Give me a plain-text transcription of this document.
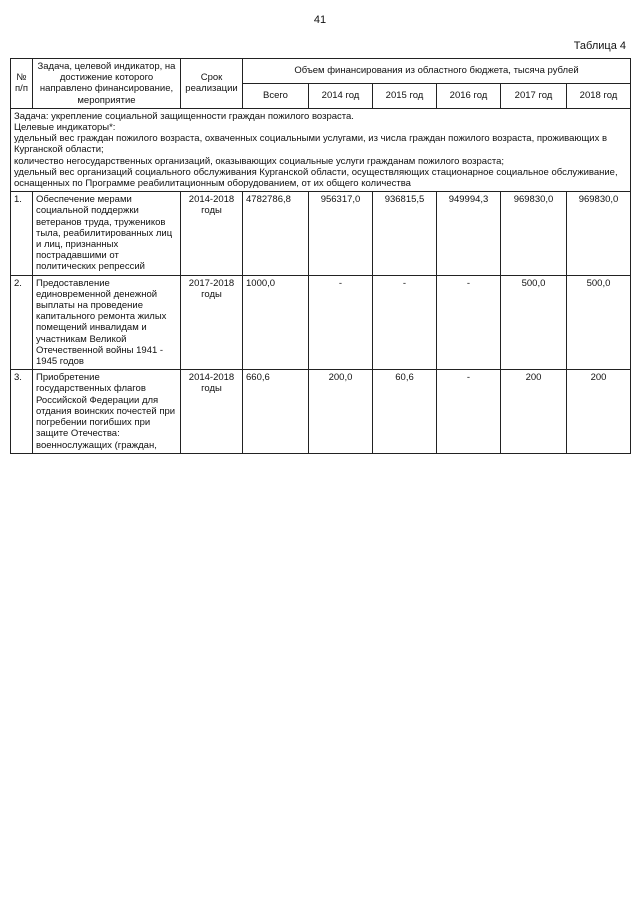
41
Таблица 4
№ п/п	Задача, целевой индикатор, на достижение которого направлено финансирование, мероприятие	Срок реализации	Объем финансирования из областного бюджета, тысяча рублей					
			Всего	2014 год	2015 год	2016 год	2017 год	2018 год

Задача: укрепление социальной защищенности граждан пожилого возраста.
Целевые индикаторы*:
удельный вес граждан пожилого возраста, охваченных социальными услугами, из числа граждан пожилого возраста, проживающих в Курганской области;
количество негосударственных организаций, оказывающих социальные услуги гражданам пожилого возраста;
удельный вес организаций социального обслуживания Курганской области, осуществляющих стационарное социальное обслуживание, оснащенных по Программе реабилитационным оборудованием, от их общего количества								

1.	Обеспечение мерами социальной поддержки ветеранов труда, тружеников тыла, реабилитированных лиц и лиц, признанных пострадавшими от политических репрессий	2014-2018 годы	4782786,8	956317,0	936815,5	949994,3	969830,0	969830,0
2.	Предоставление единовременной денежной выплаты на проведение капитального ремонта жилых помещений инвалидам и участникам Великой Отечественной войны 1941 - 1945 годов	2017-2018 годы	1000,0	-	-	-	500,0	500,0
3.	Приобретение государственных флагов Российской Федерации для отдания воинских почестей при погребении погибших при защите Отечества: военнослужащих (граждан,	2014-2018 годы	660,6	200,0	60,6	-	200	200
